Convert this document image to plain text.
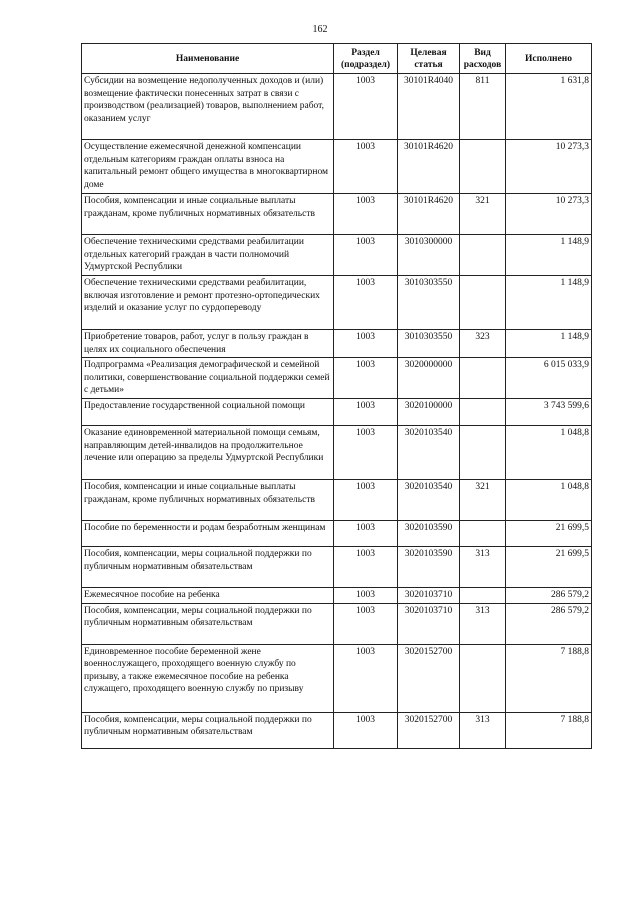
162
Наименование	Раздел (подраздел)	Целевая статья	Вид расходов	Исполнено
Субсидии на возмещение недополученных доходов и (или) возмещение фактически понесенных затрат в связи с производством (реализацией) товаров, выполнением работ, оказанием услуг	1003	30101R4040	811	1 631,8
Осуществление ежемесячной денежной компенсации отдельным категориям граждан оплаты взноса на капитальный ремонт общего имущества в многоквартирном доме	1003	30101R4620		10 273,3
Пособия, компенсации и иные социальные выплаты гражданам, кроме публичных нормативных обязательств	1003	30101R4620	321	10 273,3
Обеспечение техническими средствами реабилитации отдельных категорий граждан в части полномочий Удмуртской Республики	1003	3010300000		1 148,9
Обеспечение техническими средствами реабилитации, включая изготовление и ремонт протезно-ортопедических изделий и оказание услуг по сурдопереводу	1003	3010303550		1 148,9
Приобретение товаров, работ, услуг в пользу граждан в целях их социального обеспечения	1003	3010303550	323	1 148,9
Подпрограмма «Реализация демографической и семейной политики, совершенствование социальной поддержки семей с детьми»	1003	3020000000		6 015 033,9
Предоставление государственной социальной помощи	1003	3020100000		3 743 599,6
Оказание единовременной материальной помощи семьям, направляющим детей-инвалидов на продолжительное лечение или операцию за пределы Удмуртской Республики	1003	3020103540		1 048,8
Пособия, компенсации и иные социальные выплаты гражданам, кроме публичных нормативных обязательств	1003	3020103540	321	1 048,8
Пособие по беременности и родам безработным женщинам	1003	3020103590		21 699,5
Пособия, компенсации, меры социальной поддержки по публичным нормативным обязательствам	1003	3020103590	313	21 699,5
Ежемесячное пособие на ребенка	1003	3020103710		286 579,2
Пособия, компенсации, меры социальной поддержки по публичным нормативным обязательствам	1003	3020103710	313	286 579,2
Единовременное пособие беременной жене военнослужащего, проходящего военную службу по призыву, а также ежемесячное пособие на ребенка служащего, проходящего военную службу по призыву	1003	3020152700		7 188,8
Пособия, компенсации, меры социальной поддержки по публичным нормативным обязательствам	1003	3020152700	313	7 188,8
